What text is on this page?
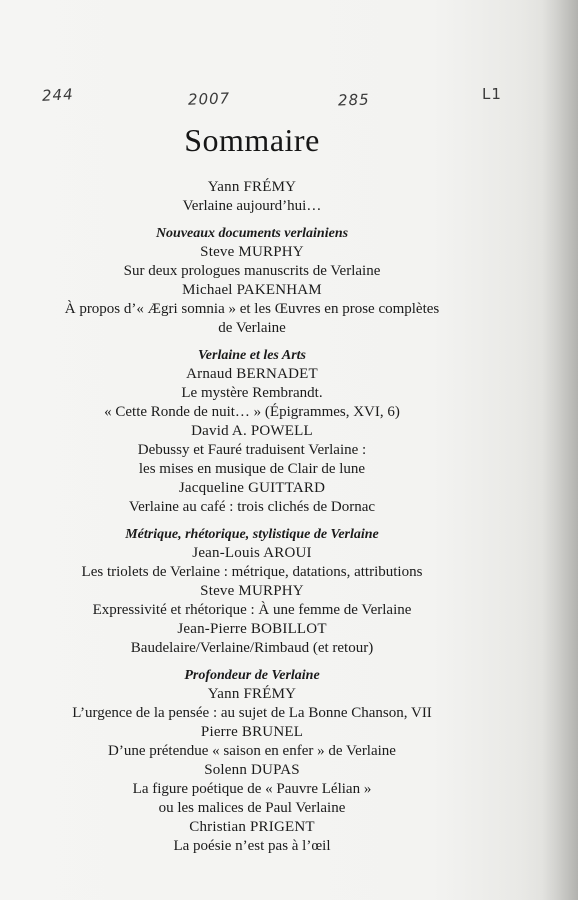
244	2007	285	L1
Sommaire
Yann FRÉMY
Verlaine aujourd’hui…
Nouveaux documents verlainiens
Steve MURPHY
Sur deux prologues manuscrits de Verlaine
Michael PAKENHAM
À propos d’« Ægri somnia » et les Œuvres en prose complètes
de Verlaine
Verlaine et les Arts
Arnaud BERNADET
Le mystère Rembrandt.
« Cette Ronde de nuit… » (Épigrammes, XVI, 6)
David A. POWELL
Debussy et Fauré traduisent Verlaine :
les mises en musique de Clair de lune
Jacqueline GUITTARD
Verlaine au café : trois clichés de Dornac
Métrique, rhétorique, stylistique de Verlaine
Jean-Louis AROUI
Les triolets de Verlaine : métrique, datations, attributions
Steve MURPHY
Expressivité et rhétorique : À une femme de Verlaine
Jean-Pierre BOBILLOT
Baudelaire/Verlaine/Rimbaud (et retour)
Profondeur de Verlaine
Yann FRÉMY
L’urgence de la pensée : au sujet de La Bonne Chanson, VII
Pierre BRUNEL
D’une prétendue « saison en enfer » de Verlaine
Solenn DUPAS
La figure poétique de « Pauvre Lélian »
ou les malices de Paul Verlaine
Christian PRIGENT
La poésie n’est pas à l’œil
